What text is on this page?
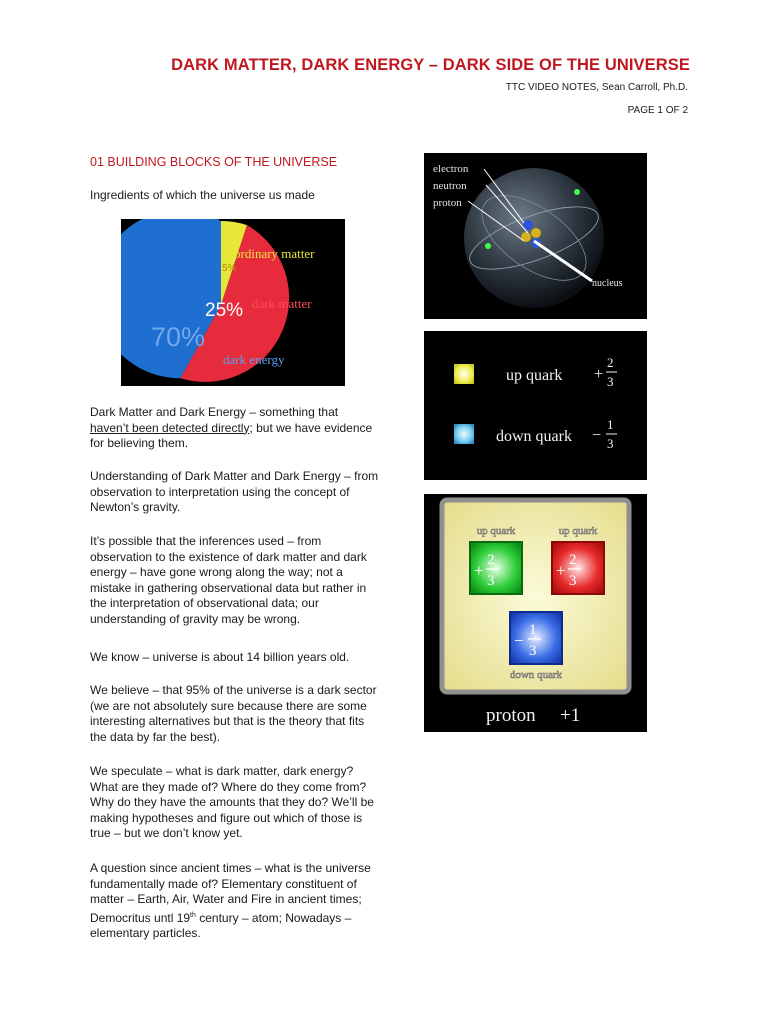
DARK MATTER, DARK ENERGY – DARK SIDE OF THE UNIVERSE
TTC VIDEO NOTES, Sean Carroll, Ph.D.
PAGE 1 OF 2
01 BUILDING BLOCKS OF THE UNIVERSE

Ingredients of which the universe us made

5%
25%
70%
ordinary matter
dark matter
dark energy

Dark Matter and Dark Energy – something that haven’t been detected directly; but we have evidence for believing them.

Understanding of Dark Matter and Dark Energy – from observation to interpretation using the concept of Newton’s gravity.

It’s possible that the inferences used – from observation to the existence of dark matter and dark energy – have gone wrong along the way; not a mistake in gathering observational data but rather in the interpretation of observational data; our understanding of gravity may be wrong.

We know – universe is about 14 billion years old.

We believe – that 95% of the universe is a dark sector (we are not absolutely sure because there are some interesting alternatives but that is the theory that fits the data by far the best).

We speculate – what is dark matter, dark energy? What are they made of? Where do they come from? Why do they have the amounts that they do? We’ll be making hypotheses and figure out which of those is true – but we don’t know yet.

A question since ancient times – what is the universe fundamentally made of? Elementary constituent of matter – Earth, Air, Water and Fire in ancient times; Democritus untl 19th century – atom; Nowadays – elementary particles.

electron
neutron
proton
nucleus
up quark
down quark
+
2
3
−
1
3
up quark	up quark
down quark
+
2
3
+
2
3
−
1
3
proton +1
